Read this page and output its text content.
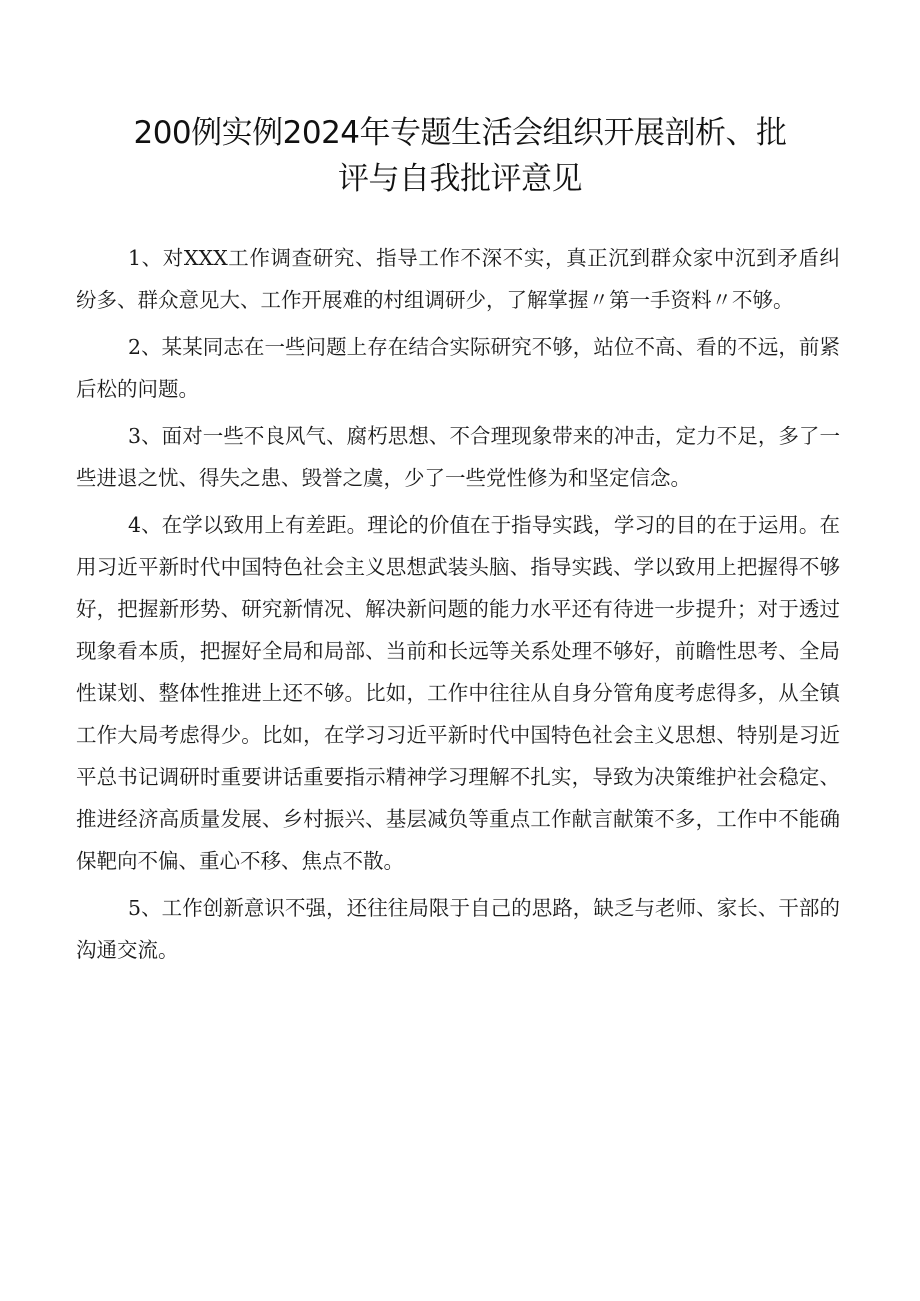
200例实例2024年专题生活会组织开展剖析、批
评与自我批评意见

1、对XXX工作调查研究、指导工作不深不实，真正沉到群众家中沉到矛盾纠纷多、群众意见大、工作开展难的村组调研少，了解掌握〃第一手资料〃不够。

2、某某同志在一些问题上存在结合实际研究不够，站位不高、看的不远，前紧后松的问题。

3、面对一些不良风气、腐朽思想、不合理现象带来的冲击，定力不足，多了一些进退之忧、得失之患、毁誉之虞，少了一些党性修为和坚定信念。

4、在学以致用上有差距。理论的价值在于指导实践，学习的目的在于运用。在用习近平新时代中国特色社会主义思想武装头脑、指导实践、学以致用上把握得不够好，把握新形势、研究新情况、解决新问题的能力水平还有待进一步提升；对于透过现象看本质，把握好全局和局部、当前和长远等关系处理不够好，前瞻性思考、全局性谋划、整体性推进上还不够。比如，工作中往往从自身分管角度考虑得多，从全镇工作大局考虑得少。比如，在学习习近平新时代中国特色社会主义思想、特别是习近平总书记调研时重要讲话重要指示精神学习理解不扎实，导致为决策维护社会稳定、推进经济高质量发展、乡村振兴、基层减负等重点工作献言献策不多，工作中不能确保靶向不偏、重心不移、焦点不散。

5、工作创新意识不强，还往往局限于自己的思路，缺乏与老师、家长、干部的沟通交流。
